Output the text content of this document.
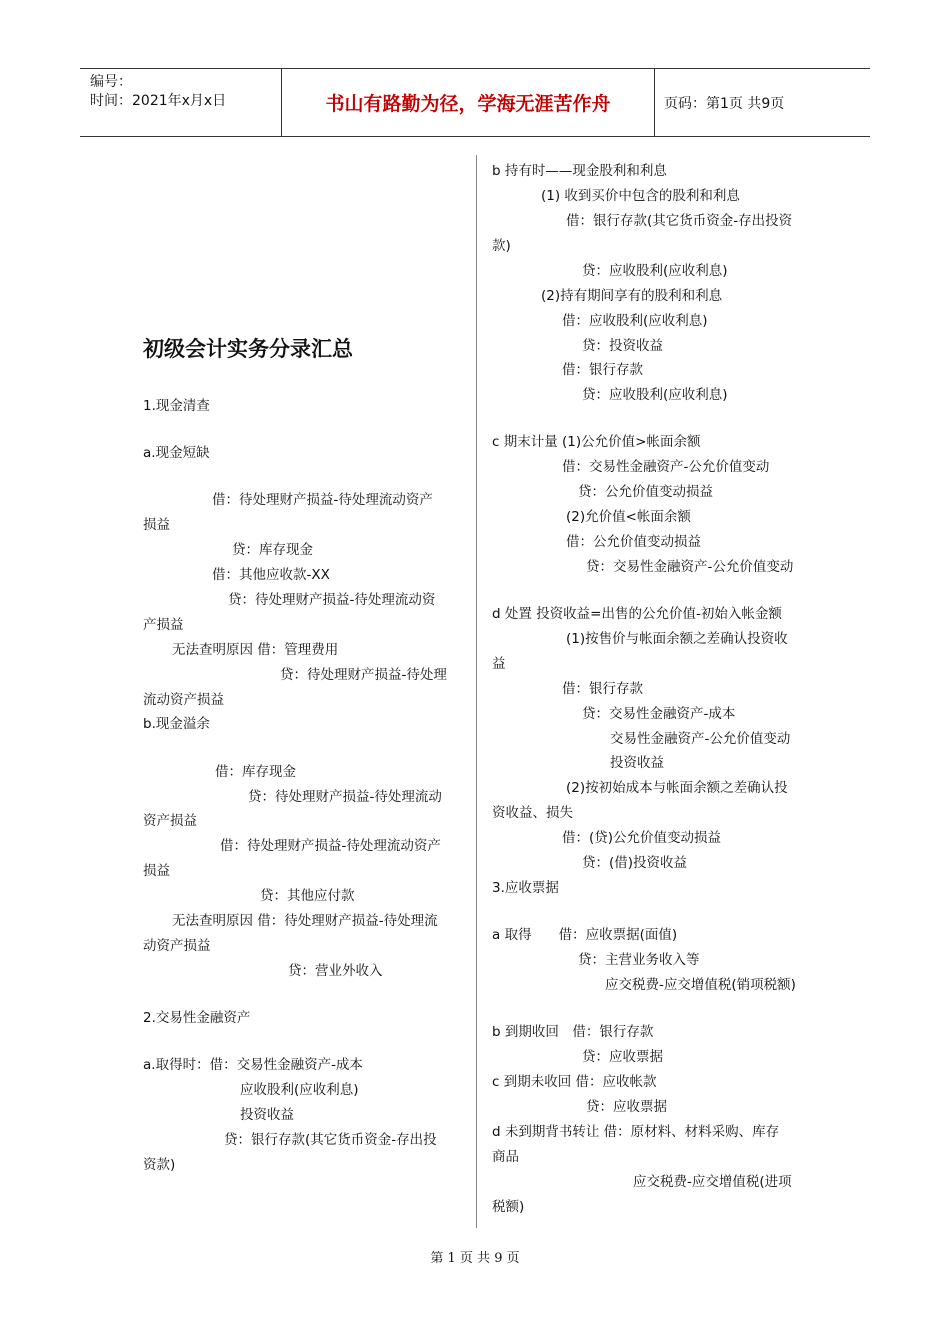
编号：
时间：2021年x月x日	书山有路勤为径，学海无涯苦作舟	页码：第1页 共9页
初级会计实务分录汇总
1.现金清查
a.现金短缺
借：待处理财产损益-待处理流动资产
损益
贷：库存现金
借：其他应收款-XX
贷：待处理财产损益-待处理流动资
产损益
无法查明原因 借：管理费用
贷：待处理财产损益-待处理
流动资产损益
b.现金溢余
借：库存现金
贷：待处理财产损益-待处理流动
资产损益
借：待处理财产损益-待处理流动资产
损益
贷：其他应付款
无法查明原因 借：待处理财产损益-待处理流
动资产损益
贷：营业外收入
2.交易性金融资产
a.取得时：借：交易性金融资产-成本
应收股利(应收利息)
投资收益
贷：银行存款(其它货币资金-存出投
资款)
b 持有时——现金股利和利息
(1) 收到买价中包含的股利和利息
借：银行存款(其它货币资金-存出投资
款)
贷：应收股利(应收利息)
(2)持有期间享有的股利和利息
借：应收股利(应收利息)
贷：投资收益
借：银行存款
贷：应收股利(应收利息)
c 期末计量 (1)公允价值>帐面余额
借：交易性金融资产-公允价值变动
贷：公允价值变动损益
(2)允价值<帐面余额
借：公允价值变动损益
贷：交易性金融资产-公允价值变动
d 处置 投资收益=出售的公允价值-初始入帐金额
(1)按售价与帐面余额之差确认投资收
益
借：银行存款
贷：交易性金融资产-成本
交易性金融资产-公允价值变动
投资收益
(2)按初始成本与帐面余额之差确认投
资收益、损失
借：(贷)公允价值变动损益
贷：(借)投资收益
3.应收票据
a 取得　　借：应收票据(面值)
贷：主营业务收入等
应交税费-应交增值税(销项税额)
b 到期收回　借：银行存款
贷：应收票据
c 到期未收回 借：应收帐款
贷：应收票据
d 未到期背书转让 借：原材料、材料采购、库存
商品
应交税费-应交增值税(进项
税额)
第 1 页 共 9 页
